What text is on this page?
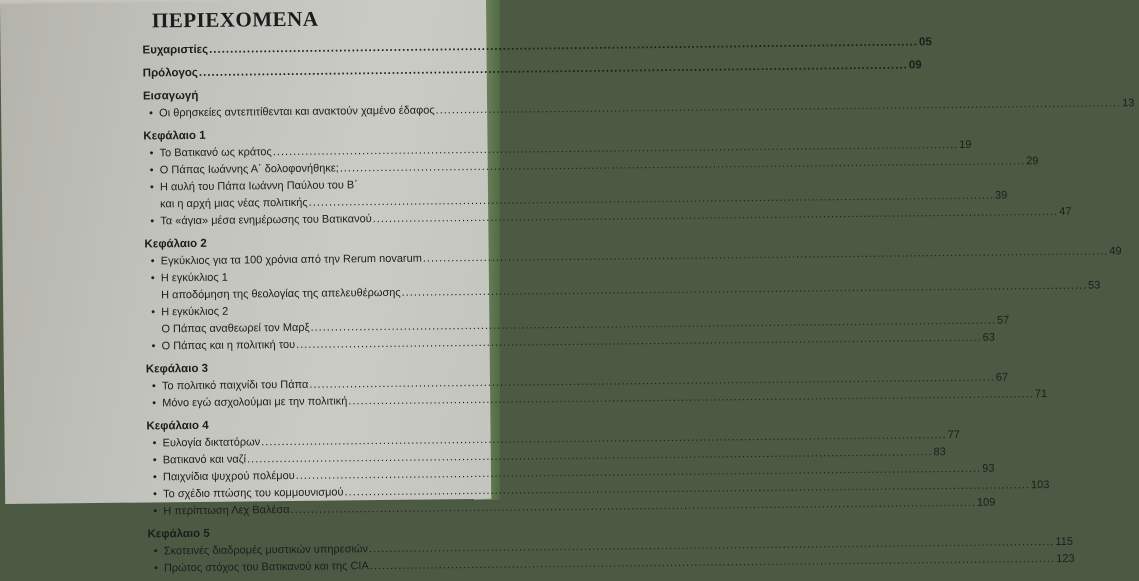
ΠΕΡΙΕΧΟΜΕΝΑ
Ευχαριστίες
.....
05
Πρόλογος
.....
09
Εισαγωγή
• Οι θρησκείες αντεπιτίθενται και ανακτούν χαμένο έδαφος
.....
13
Κεφάλαιο 1
• Το Βατικανό ως κράτος
.....
19
• Ο Πάπας Ιωάννης Α΄ δολοφονήθηκε;
.....
29
• Η αυλή του Πάπα Ιωάννη Παύλου του Β΄
και η αρχή μιας νέας πολιτικής
.....
39
• Τα «άγια» μέσα ενημέρωσης του Βατικανού
.....
47
Κεφάλαιο 2
• Εγκύκλιος για τα 100 χρόνια από την Rerum novarum
.....
49
• Η εγκύκλιος 1
Η αποδόμηση της θεολογίας της απελευθέρωσης
.....
53
• Η εγκύκλιος 2
Ο Πάπας αναθεωρεί τον Μαρξ
.....
57
• Ο Πάπας και η πολιτική του
.....
63
Κεφάλαιο 3
• Το πολιτικό παιχνίδι του Πάπα
.....
67
• Μόνο εγώ ασχολούμαι με την πολιτική
.....
71
Κεφάλαιο 4
• Ευλογία δικτατόρων
.....
77
• Βατικανό και ναζί
.....
83
• Παιχνίδια ψυχρού πολέμου
.....
93
• Το σχέδιο πτώσης του κομμουνισμού
.....
103
• Η περίπτωση Λεχ Βαλέσα
.....
109
Κεφάλαιο 5
• Σκοτεινές διαδρομές μυστικών υπηρεσιών
.....
115
• Πρώτος στόχος του Βατικανού και της CIA
.....
123
